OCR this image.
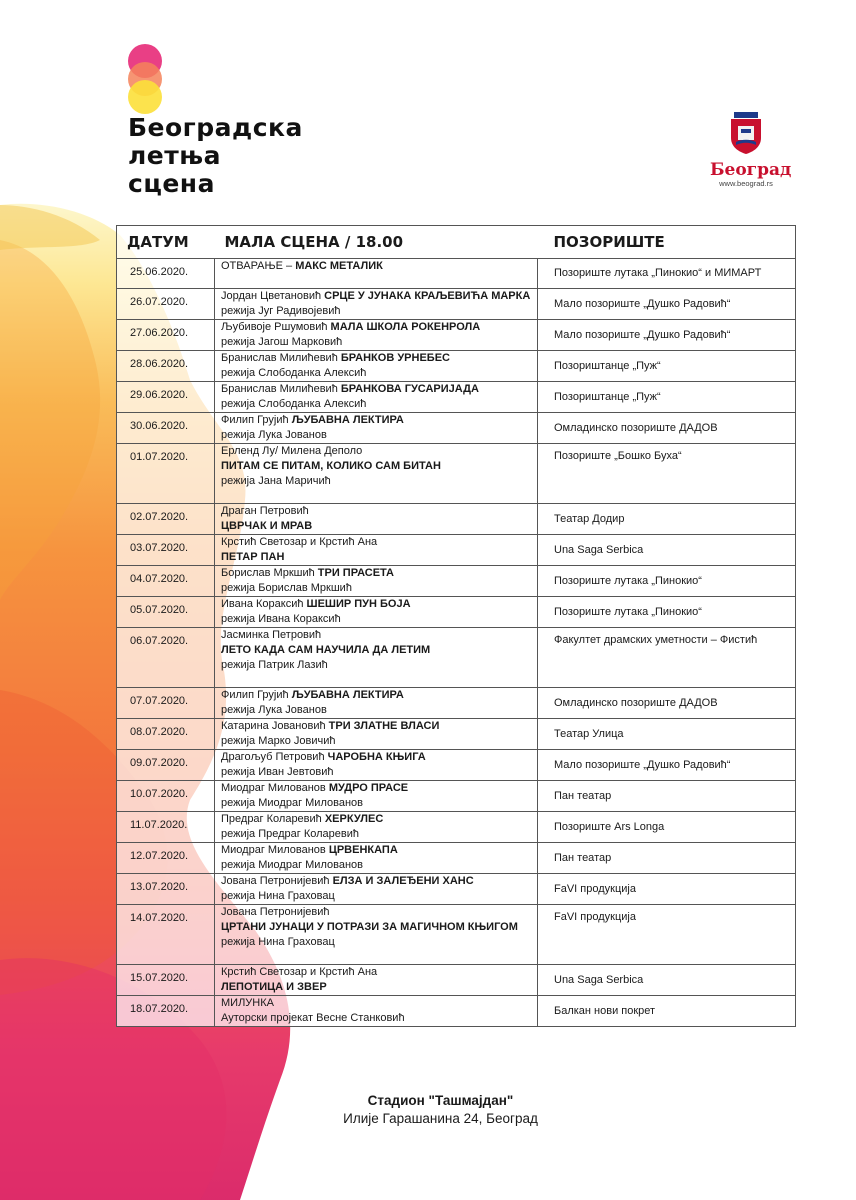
Београдска
летња
сцена	Београд
www.beograd.rs
ДАТУМ	МАЛА СЦЕНА / 18.00	ПОЗОРИШТЕ
25.06.2020.	ОТВАРАЊЕ – МАКС МЕТАЛИК	Позориште лутака „Пинокио“ и МИМАРТ
26.07.2020.	Јордан Цветановић СРЦЕ У ЈУНАКА КРАЉЕВИЋА МАРКА
режија Југ Радивојевић	Мало позориште „Душко Радовић“
27.06.2020.	Љубивоје Ршумовић МАЛА ШКОЛА РОКЕНРОЛА
режија Јагош Марковић	Мало позориште „Душко Радовић“
28.06.2020.	Бранислав Милићевић БРАНКОВ УРНЕБЕС
режија Слободанка Алексић	Позориштанце „Пуж“
29.06.2020.	Бранислав Милићевић БРАНКОВА ГУСАРИЈАДА
режија Слободанка Алексић	Позориштанце „Пуж“
30.06.2020.	Филип Грујић ЉУБАВНА ЛЕКТИРА
режија Лука Јованов	Омладинско позориште ДАДОВ
01.07.2020.	Ерленд Лу/ Милена Деполо
ПИТАМ СЕ ПИТАМ, КОЛИКО САМ БИТАН
режија Јана Маричић	Позориште „Бошко Буха“
02.07.2020.	Драган Петровић
ЦВРЧАК И МРАВ	Театар Додир
03.07.2020.	Крстић Светозар и Крстић Ана
ПЕТАР ПАН	Una Saga Serbica
04.07.2020.	Борислав Мркшић ТРИ ПРАСЕТА
режија Борислав Мркшић	Позориште лутака „Пинокио“
05.07.2020.	Ивана Кораксић ШЕШИР ПУН БОЈА
режија Ивана Кораксић	Позориште лутака „Пинокио“
06.07.2020.	Јасминка Петровић
ЛЕТО КАДА САМ НАУЧИЛА ДА ЛЕТИМ
режија Патрик Лазић	Факултет драмских уметности – Фистић
07.07.2020.	Филип Грујић ЉУБАВНА ЛЕКТИРА
режија Лука Јованов	Омладинско позориште ДАДОВ
08.07.2020.	Катарина Јовановић ТРИ ЗЛАТНЕ ВЛАСИ
режија Марко Јовичић	Театар Улица
09.07.2020.	Драгољуб Петровић ЧАРОБНА КЊИГА
режија Иван Јевтовић	Мало позориште „Душко Радовић“
10.07.2020.	Миодраг Милованов МУДРО ПРАСЕ
режија Миодраг Милованов	Пан театар
11.07.2020.	Предраг Коларевић ХЕРКУЛЕС
режија Предраг Коларевић	Позориште Ars Longa
12.07.2020.	Миодраг Милованов ЦРВЕНКАПА
режија Миодраг Милованов	Пан театар
13.07.2020.	Јована Петронијевић ЕЛЗА И ЗАЛЕЂЕНИ ХАНС
режија Нина Граховац	FaVI продукција
14.07.2020.	Јована Петронијевић
ЦРТАНИ ЈУНАЦИ У ПОТРАЗИ ЗА МАГИЧНОМ КЊИГОМ
режија Нина Граховац	FaVI продукција
15.07.2020.	Крстић Светозар и Крстић Ана
ЛЕПОТИЦА И ЗВЕР	Una Saga Serbica
18.07.2020.	МИЛУНКА
Ауторски пројекат Весне Станковић	Балкан нови покрет
Стадион "Ташмајдан"
Илије Гарашанина 24, Београд
